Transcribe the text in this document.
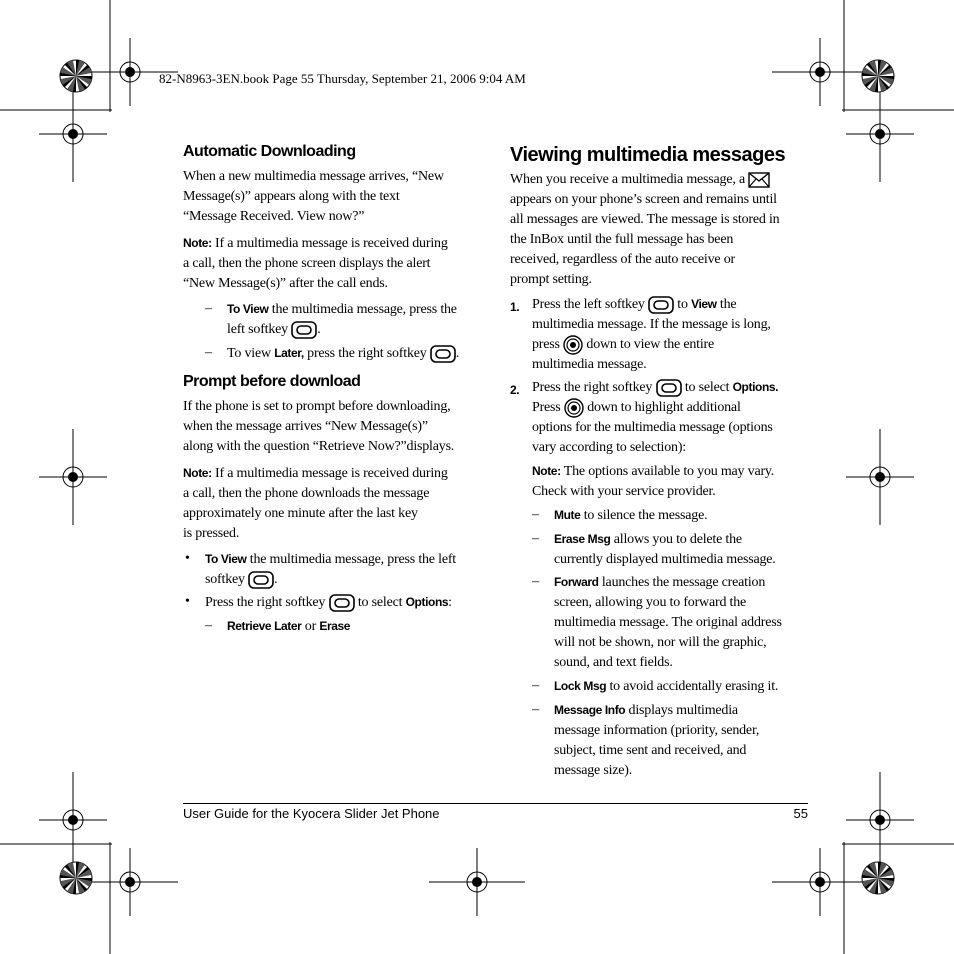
82-N8963-3EN.book Page 55 Thursday, September 21, 2006 9:04 AM
Automatic Downloading
When a new multimedia message arrives, “New
Message(s)” appears along with the text
“Message Received. View now?”
Note: If a multimedia message is received during
a call, then the phone screen displays the alert
“New Message(s)” after the call ends.
– To View the multimedia message, press the
left softkey .
– To view Later, press the right softkey .
Prompt before download
If the phone is set to prompt before downloading,
when the message arrives “New Message(s)”
along with the question “Retrieve Now?”displays.
Note: If a multimedia message is received during
a call, then the phone downloads the message
approximately one minute after the last key
is pressed.
• To View the multimedia message, press the left
softkey .
• Press the right softkey to select Options:
– Retrieve Later or Erase
Viewing multimedia messages
When you receive a multimedia message, a
appears on your phone’s screen and remains until
all messages are viewed. The message is stored in
the InBox until the full message has been
received, regardless of the auto receive or
prompt setting.
1. Press the left softkey to View the
multimedia message. If the message is long,
press down to view the entire
multimedia message.
2. Press the right softkey to select Options.
Press down to highlight additional
options for the multimedia message (options
vary according to selection):
Note: The options available to you may vary.
Check with your service provider.
– Mute to silence the message.
– Erase Msg allows you to delete the
currently displayed multimedia message.
– Forward launches the message creation
screen, allowing you to forward the
multimedia message. The original address
will not be shown, nor will the graphic,
sound, and text fields.
– Lock Msg to avoid accidentally erasing it.
– Message Info displays multimedia
message information (priority, sender,
subject, time sent and received, and
message size).
User Guide for the Kyocera Slider Jet Phone	55
